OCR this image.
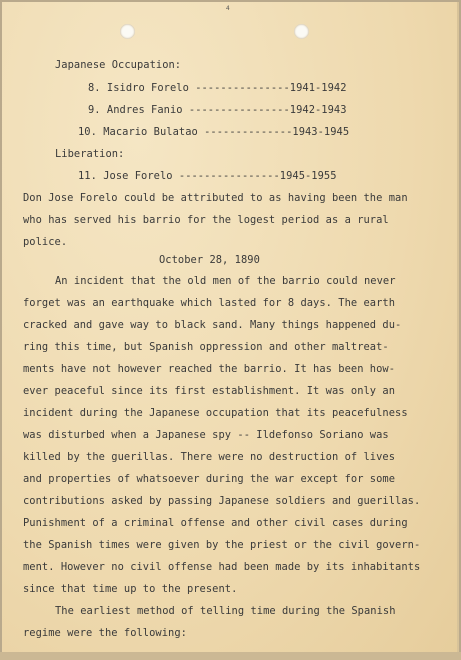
4
Japanese Occupation:
8. Isidro Forelo ---------------1941-1942
9. Andres Fanio ----------------1942-1943
10. Macario Bulatao --------------1943-1945
Liberation:
11. Jose Forelo ----------------1945-1955
Don Jose Forelo could be attributed to as having been the man
who has served his barrio for the logest period as a rural
police.
October 28, 1890
An incident that the old men of the barrio could never
forget was an earthquake which lasted for 8 days. The earth
cracked and gave way to black sand. Many things happened du-
ring this time, but Spanish oppression and other maltreat-
ments have not however reached the barrio. It has been how-
ever peaceful since its first establishment. It was only an
incident during the Japanese occupation that its peacefulness
was disturbed when a Japanese spy -- Ildefonso Soriano was
killed by the guerillas. There were no destruction of lives
and properties of whatsoever during the war except for some
contributions asked by passing Japanese soldiers and guerillas.
Punishment of a criminal offense and other civil cases during
the Spanish times were given by the priest or the civil govern-
ment. However no civil offense had been made by its inhabitants
since that time up to the present.
The earliest method of telling time during the Spanish
regime were the following:
